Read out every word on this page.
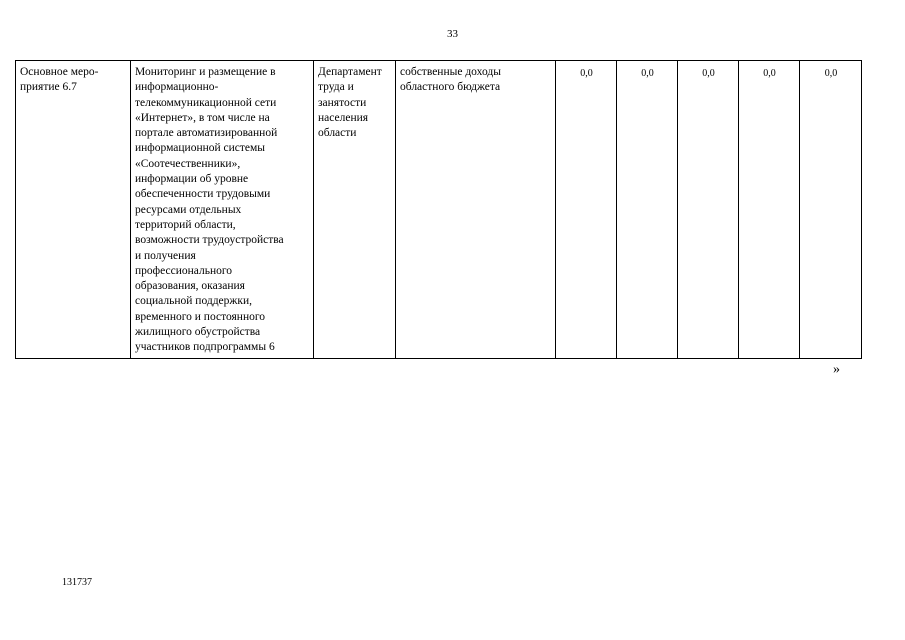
33
Основное меро-
приятие 6.7	Мониторинг и размещение в
информационно-
телекоммуникационной сети
«Интернет», в том числе на
портале автоматизированной
информационной системы
«Соотечественники»,
информации об уровне
обеспеченности трудовыми
ресурсами отдельных
территорий области,
возможности трудоустройства
и получения
профессионального
образования, оказания
социальной поддержки,
временного и постоянного
жилищного обустройства
участников подпрограммы 6	Департамент
труда и
занятости
населения
области	собственные доходы
областного бюджета	0,0	0,0	0,0	0,0	0,0
»
131737
